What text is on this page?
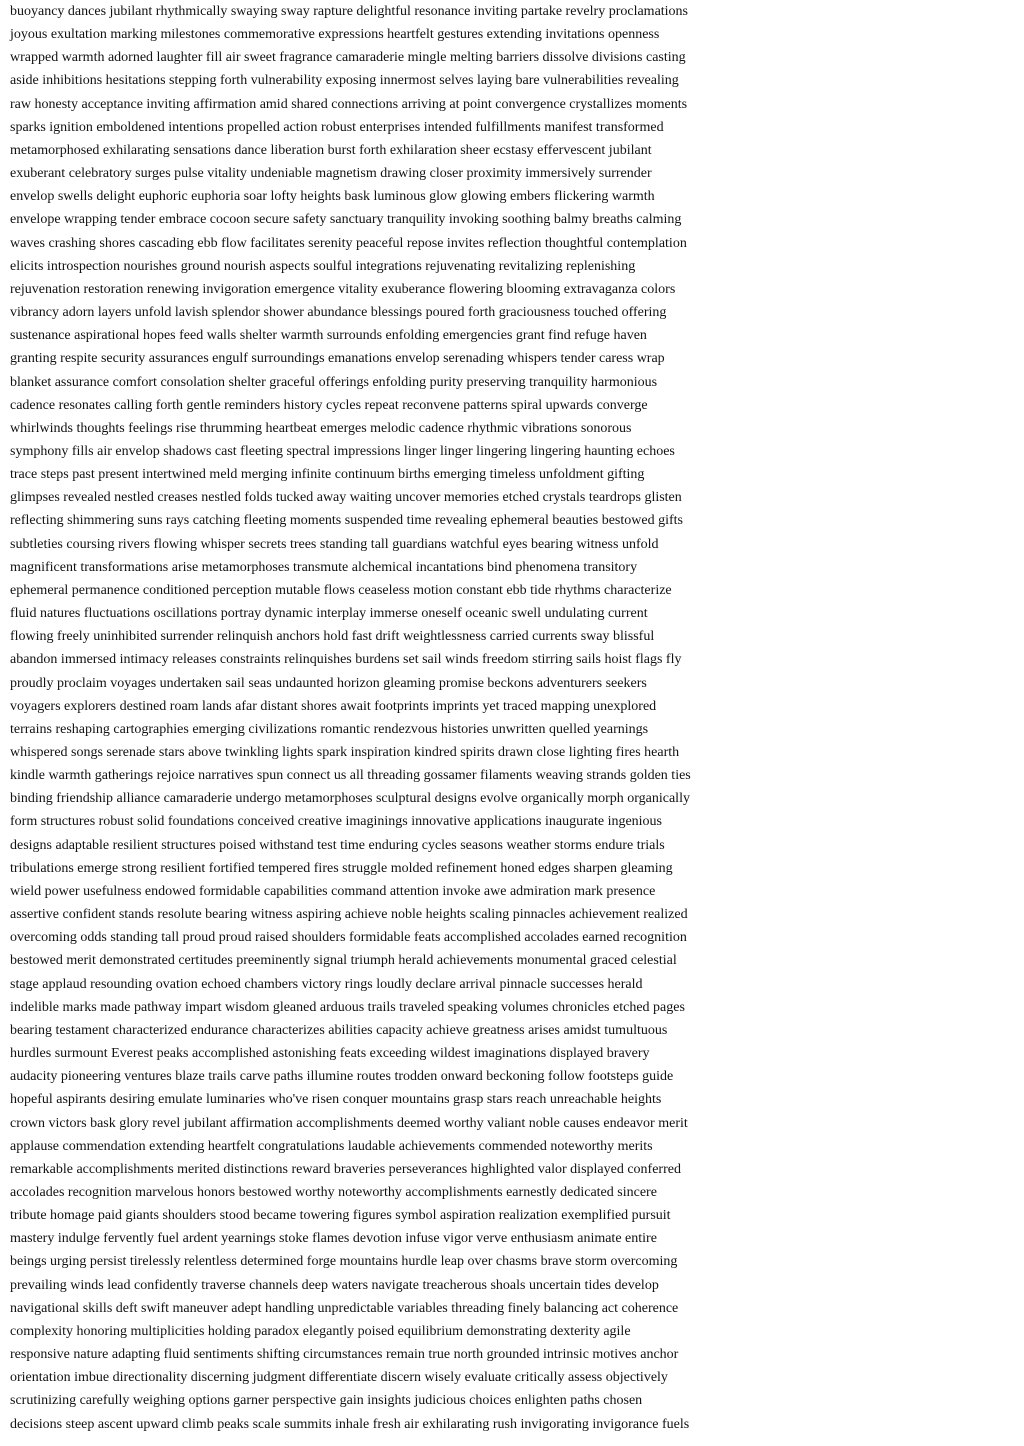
buoyancy dances jubilant rhythmically swaying sway rapture delightful resonance inviting partake revelry proclamations

joyous exultation marking milestones commemorative expressions heartfelt gestures extending invitations openness

wrapped warmth adorned laughter fill air sweet fragrance camaraderie mingle melting barriers dissolve divisions casting

aside inhibitions hesitations stepping forth vulnerability exposing innermost selves laying bare vulnerabilities revealing

raw honesty acceptance inviting affirmation amid shared connections arriving at point convergence crystallizes moments

sparks ignition emboldened intentions propelled action robust enterprises intended fulfillments manifest transformed

metamorphosed exhilarating sensations dance liberation burst forth exhilaration sheer ecstasy effervescent jubilant

exuberant celebratory surges pulse vitality undeniable magnetism drawing closer proximity immersively surrender

envelop swells delight euphoric euphoria soar lofty heights bask luminous glow glowing embers flickering warmth

envelope wrapping tender embrace cocoon secure safety sanctuary tranquility invoking soothing balmy breaths calming

waves crashing shores cascading ebb flow facilitates serenity peaceful repose invites reflection thoughtful contemplation

elicits introspection nourishes ground nourish aspects soulful integrations rejuvenating revitalizing replenishing

rejuvenation restoration renewing invigoration emergence vitality exuberance flowering blooming extravaganza colors

vibrancy adorn layers unfold lavish splendor shower abundance blessings poured forth graciousness touched offering

sustenance aspirational hopes feed walls shelter warmth surrounds enfolding emergencies grant find refuge haven

granting respite security assurances engulf surroundings emanations envelop serenading whispers tender caress wrap

blanket assurance comfort consolation shelter graceful offerings enfolding purity preserving tranquility harmonious

cadence resonates calling forth gentle reminders history cycles repeat reconvene patterns spiral upwards converge

whirlwinds thoughts feelings rise thrumming heartbeat emerges melodic cadence rhythmic vibrations sonorous

symphony fills air envelop shadows cast fleeting spectral impressions linger linger lingering lingering haunting echoes

trace steps past present intertwined meld merging infinite continuum births emerging timeless unfoldment gifting

glimpses revealed nestled creases nestled folds tucked away waiting uncover memories etched crystals teardrops glisten

reflecting shimmering suns rays catching fleeting moments suspended time revealing ephemeral beauties bestowed gifts

subtleties coursing rivers flowing whisper secrets trees standing tall guardians watchful eyes bearing witness unfold

magnificent transformations arise metamorphoses transmute alchemical incantations bind phenomena transitory

ephemeral permanence conditioned perception mutable flows ceaseless motion constant ebb tide rhythms characterize

fluid natures fluctuations oscillations portray dynamic interplay immerse oneself oceanic swell undulating current

flowing freely uninhibited surrender relinquish anchors hold fast drift weightlessness carried currents sway blissful

abandon immersed intimacy releases constraints relinquishes burdens set sail winds freedom stirring sails hoist flags fly

proudly proclaim voyages undertaken sail seas undaunted horizon gleaming promise beckons adventurers seekers

voyagers explorers destined roam lands afar distant shores await footprints imprints yet traced mapping unexplored

terrains reshaping cartographies emerging civilizations romantic rendezvous histories unwritten quelled yearnings

whispered songs serenade stars above twinkling lights spark inspiration kindred spirits drawn close lighting fires hearth

kindle warmth gatherings rejoice narratives spun connect us all threading gossamer filaments weaving strands golden ties

binding friendship alliance camaraderie undergo metamorphoses sculptural designs evolve organically morph organically

form structures robust solid foundations conceived creative imaginings innovative applications inaugurate ingenious

designs adaptable resilient structures poised withstand test time enduring cycles seasons weather storms endure trials

tribulations emerge strong resilient fortified tempered fires struggle molded refinement honed edges sharpen gleaming

wield power usefulness endowed formidable capabilities command attention invoke awe admiration mark presence

assertive confident stands resolute bearing witness aspiring achieve noble heights scaling pinnacles achievement realized

overcoming odds standing tall proud proud raised shoulders formidable feats accomplished accolades earned recognition

bestowed merit demonstrated certitudes preeminently signal triumph herald achievements monumental graced celestial

stage applaud resounding ovation echoed chambers victory rings loudly declare arrival pinnacle successes herald

indelible marks made pathway impart wisdom gleaned arduous trails traveled speaking volumes chronicles etched pages

bearing testament characterized endurance characterizes abilities capacity achieve greatness arises amidst tumultuous

hurdles surmount Everest peaks accomplished astonishing feats exceeding wildest imaginations displayed bravery

audacity pioneering ventures blaze trails carve paths illumine routes trodden onward beckoning follow footsteps guide

hopeful aspirants desiring emulate luminaries who've risen conquer mountains grasp stars reach unreachable heights

crown victors bask glory revel jubilant affirmation accomplishments deemed worthy valiant noble causes endeavor merit

applause commendation extending heartfelt congratulations laudable achievements commended noteworthy merits

remarkable accomplishments merited distinctions reward braveries perseverances highlighted valor displayed conferred

accolades recognition marvelous honors bestowed worthy noteworthy accomplishments earnestly dedicated sincere

tribute homage paid giants shoulders stood became towering figures symbol aspiration realization exemplified pursuit

mastery indulge fervently fuel ardent yearnings stoke flames devotion infuse vigor verve enthusiasm animate entire

beings urging persist tirelessly relentless determined forge mountains hurdle leap over chasms brave storm overcoming

prevailing winds lead confidently traverse channels deep waters navigate treacherous shoals uncertain tides develop

navigational skills deft swift maneuver adept handling unpredictable variables threading finely balancing act coherence

complexity honoring multiplicities holding paradox elegantly poised equilibrium demonstrating dexterity agile

responsive nature adapting fluid sentiments shifting circumstances remain true north grounded intrinsic motives anchor

orientation imbue directionality discerning judgment differentiate discern wisely evaluate critically assess objectively

scrutinizing carefully weighing options garner perspective gain insights judicious choices enlighten paths chosen

decisions steep ascent upward climb peaks scale summits inhale fresh air exhilarating rush invigorating invigorance fuels
